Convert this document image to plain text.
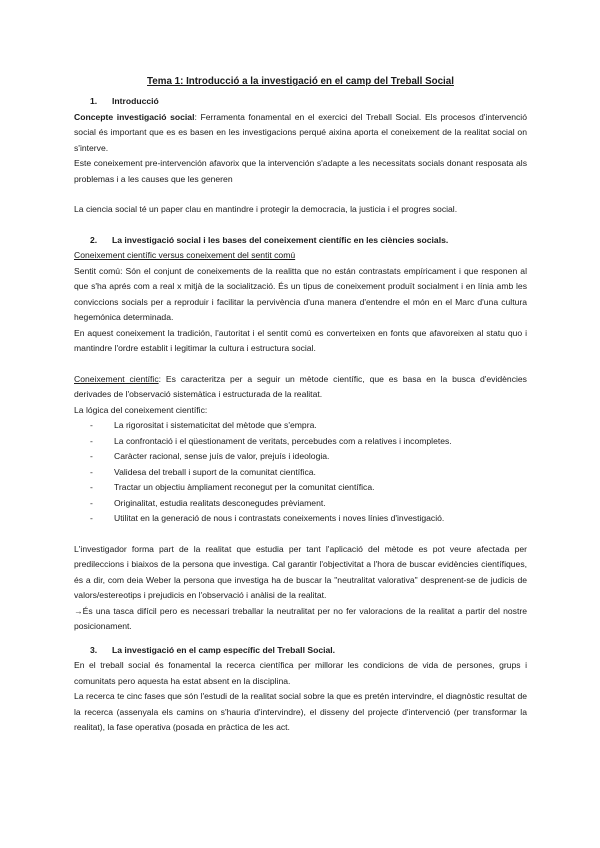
Tema 1: Introducció a la investigació en el camp del Treball Social
1. Introducció

Concepte investigació social: Ferramenta fonamental en el exercici del Treball Social. Els procesos d'intervenció social és important que es es basen en les investigacions perqué aixina aporta el coneixement de la realitat social on s'interve.

Este coneixement pre-intervención afavorix que la intervención s'adapte a les necessitats socials donant resposata als problemas i a les causes que les generen

La ciencia social té un paper clau en mantindre i protegir la democracia, la justicia i el progres social.

2. La investigació social i les bases del coneixement científic en les ciències socials.

Coneixement científic versus coneixement del sentit comú

Sentit comú: Són el conjunt de coneixements de la realitta que no están contrastats empíricament i que responen al que s'ha aprés com a real x mitjà de la socialització. És un tipus de coneixement produït socialment i en línia amb les conviccions socials per a reproduir i facilitar la pervivència d'una manera d'entendre el món en el Marc d'una cultura hegemónica determinada.

En aquest coneixement la tradición, l'autoritat i el sentit comú es converteixen en fonts que afavoreixen al statu quo i mantindre l'ordre establit i legitimar la cultura i estructura social.

Coneixement científic: Es caracteritza per a seguir un mètode científic, que es basa en la busca d'evidències derivades de l'observació sistemàtica i estructurada de la realitat.

La lógica del coneixement científic:

- La rigorositat i sistematicitat del mètode que s'empra.
- La confrontació i el qüestionament de veritats, percebudes com a relatives i incompletes.
- Caràcter racional, sense juís de valor, prejuís i ideologia.
- Validesa del treball i suport de la comunitat científica.
- Tractar un objectiu àmpliament reconegut per la comunitat científica.
- Originalitat, estudia realitats desconegudes prèviament.
- Utilitat en la generació de nous i contrastats coneixements i noves línies d'investigació.

L'investigador forma part de la realitat que estudia per tant l'aplicació del mètode es pot veure afectada per predileccions i biaixos de la persona que investiga. Cal garantir l'objectivitat a l'hora de buscar evidències científiques, és a dir, com deia Weber la persona que investiga ha de buscar la "neutralitat valorativa" desprenent-se de judicis de valors/estereotips i prejudicis en l'observació i anàlisi de la realitat.

→És una tasca difícil pero es necessari treballar la neutralitat per no fer valoracions de la realitat a partir del nostre posicionament.

3. La investigació en el camp específic del Treball Social.

En el treball social és fonamental la recerca científica per millorar les condicions de vida de persones, grups i comunitats pero aquesta ha estat absent en la disciplina.

La recerca te cinc fases que són l'estudi de la realitat social sobre la que es pretén intervindre, el diagnòstic resultat de la recerca (assenyala els camins on s'hauria d'intervindre), el disseny del projecte d'intervenció (per transformar la realitat), la fase operativa (posada en pràctica de les act.
